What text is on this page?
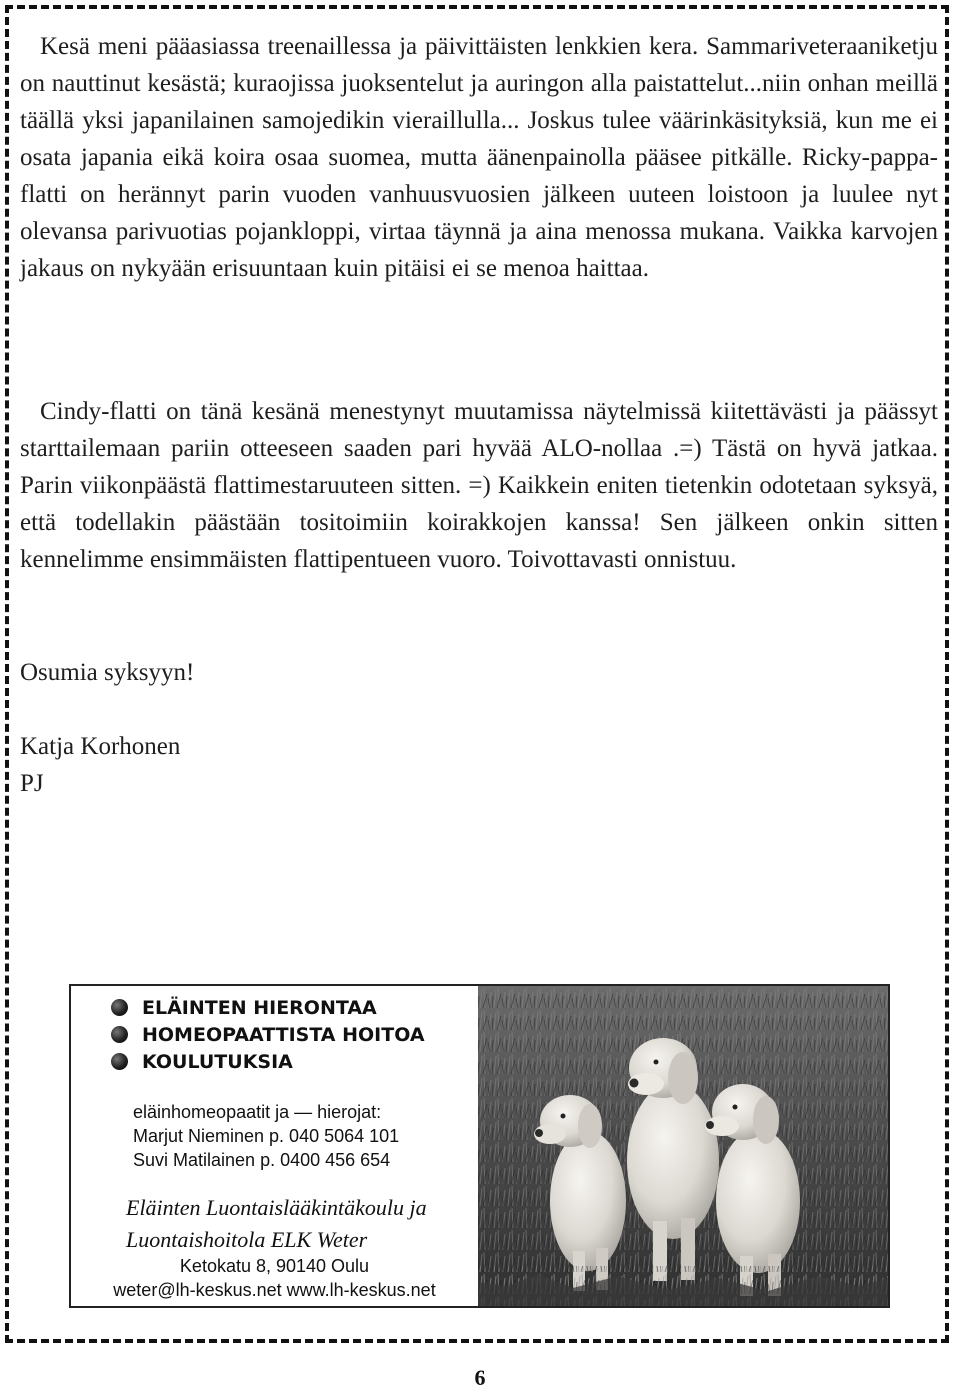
Kesä meni pääasiassa treenaillessa ja päivittäisten lenkkien kera. Sammariveteraaniketju on nauttinut kesästä; kuraojissa juoksentelut ja auringon alla paistattelut...niin onhan meillä täällä yksi japanilainen samojedikin vieraillulla... Joskus tulee väärinkäsityksiä, kun me ei osata japania eikä koira osaa suomea, mutta äänenpainolla pääsee pitkälle. Ricky-pappa-flatti on herännyt parin vuoden vanhuusvuosien jälkeen uuteen loistoon ja luulee nyt olevansa parivuotias pojankloppi, virtaa täynnä ja aina menossa mukana. Vaikka karvojen jakaus on nykyään erisuuntaan kuin pitäisi ei se menoa haittaa.

Cindy-flatti on tänä kesänä menestynyt muutamissa näytelmissä kiitettävästi ja päässyt starttailemaan pariin otteeseen saaden pari hyvää ALO-nollaa .=) Tästä on hyvä jatkaa. Parin viikonpäästä flattimestaruuteen sitten. =) Kaikkein eniten tietenkin odotetaan syksyä, että todellakin päästään tositoimiin koirakkojen kanssa! Sen jälkeen onkin sitten kennelimme ensimmäisten flattipentueen vuoro. Toivottavasti onnistuu.

Osumia syksyyn!

Katja Korhonen

PJ

ELÄINTEN HIERONTAA
HOMEOPAATTISTA HOITOA
KOULUTUKSIA
eläinhomeopaatit ja — hierojat:
Marjut Nieminen p. 040 5064 101
Suvi Matilainen p. 0400 456 654
Eläinten Luontaislääkintäkoulu ja
Luontaishoitola ELK Weter
Ketokatu 8, 90140 Oulu
weter@lh-keskus.net www.lh-keskus.net
6
